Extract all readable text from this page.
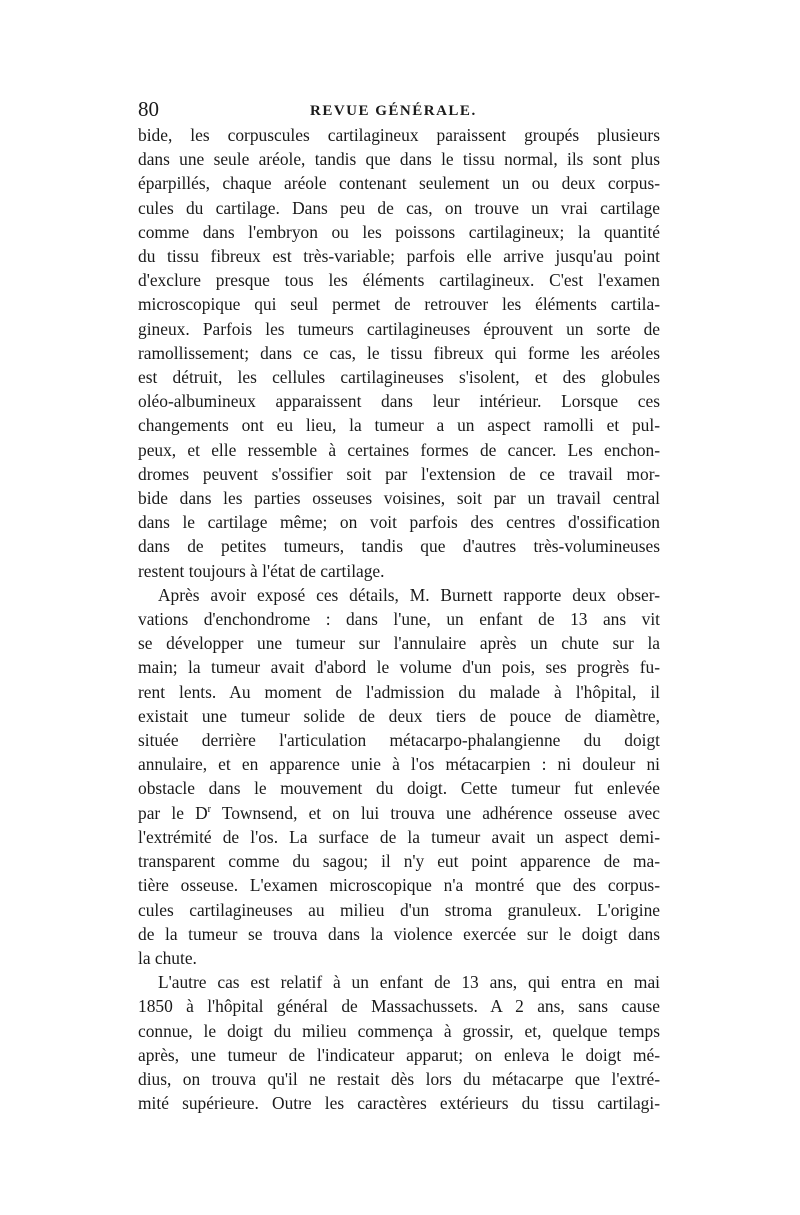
80	REVUE GÉNÉRALE.
bide, les corpuscules cartilagineux paraissent groupés plusieurs
dans une seule aréole, tandis que dans le tissu normal, ils sont plus
éparpillés, chaque aréole contenant seulement un ou deux corpus-
cules du cartilage. Dans peu de cas, on trouve un vrai cartilage
comme dans l'embryon ou les poissons cartilagineux; la quantité
du tissu fibreux est très-variable; parfois elle arrive jusqu'au point
d'exclure presque tous les éléments cartilagineux. C'est l'examen
microscopique qui seul permet de retrouver les éléments cartila-
gineux. Parfois les tumeurs cartilagineuses éprouvent un sorte de
ramollissement; dans ce cas, le tissu fibreux qui forme les aréoles
est détruit, les cellules cartilagineuses s'isolent, et des globules
oléo-albumineux apparaissent dans leur intérieur. Lorsque ces
changements ont eu lieu, la tumeur a un aspect ramolli et pul-
peux, et elle ressemble à certaines formes de cancer. Les enchon-
dromes peuvent s'ossifier soit par l'extension de ce travail mor-
bide dans les parties osseuses voisines, soit par un travail central
dans le cartilage même; on voit parfois des centres d'ossification
dans de petites tumeurs, tandis que d'autres très-volumineuses
restent toujours à l'état de cartilage.
Après avoir exposé ces détails, M. Burnett rapporte deux obser-
vations d'enchondrome : dans l'une, un enfant de 13 ans vit
se développer une tumeur sur l'annulaire après un chute sur la
main; la tumeur avait d'abord le volume d'un pois, ses progrès fu-
rent lents. Au moment de l'admission du malade à l'hôpital, il
existait une tumeur solide de deux tiers de pouce de diamètre,
située derrière l'articulation métacarpo-phalangienne du doigt
annulaire, et en apparence unie à l'os métacarpien : ni douleur ni
obstacle dans le mouvement du doigt. Cette tumeur fut enlevée
par le $D^r$ Townsend, et on lui trouva une adhérence osseuse avec
l'extrémité de l'os. La surface de la tumeur avait un aspect demi-
transparent comme du sagou; il n'y eut point apparence de ma-
tière osseuse. L'examen microscopique n'a montré que des corpus-
cules cartilagineuses au milieu d'un stroma granuleux. L'origine
de la tumeur se trouva dans la violence exercée sur le doigt dans
la chute.
L'autre cas est relatif à un enfant de 13 ans, qui entra en mai
1850 à l'hôpital général de Massachussets. A 2 ans, sans cause
connue, le doigt du milieu commença à grossir, et, quelque temps
après, une tumeur de l'indicateur apparut; on enleva le doigt mé-
dius, on trouva qu'il ne restait dès lors du métacarpe que l'extré-
mité supérieure. Outre les caractères extérieurs du tissu cartilagi-
